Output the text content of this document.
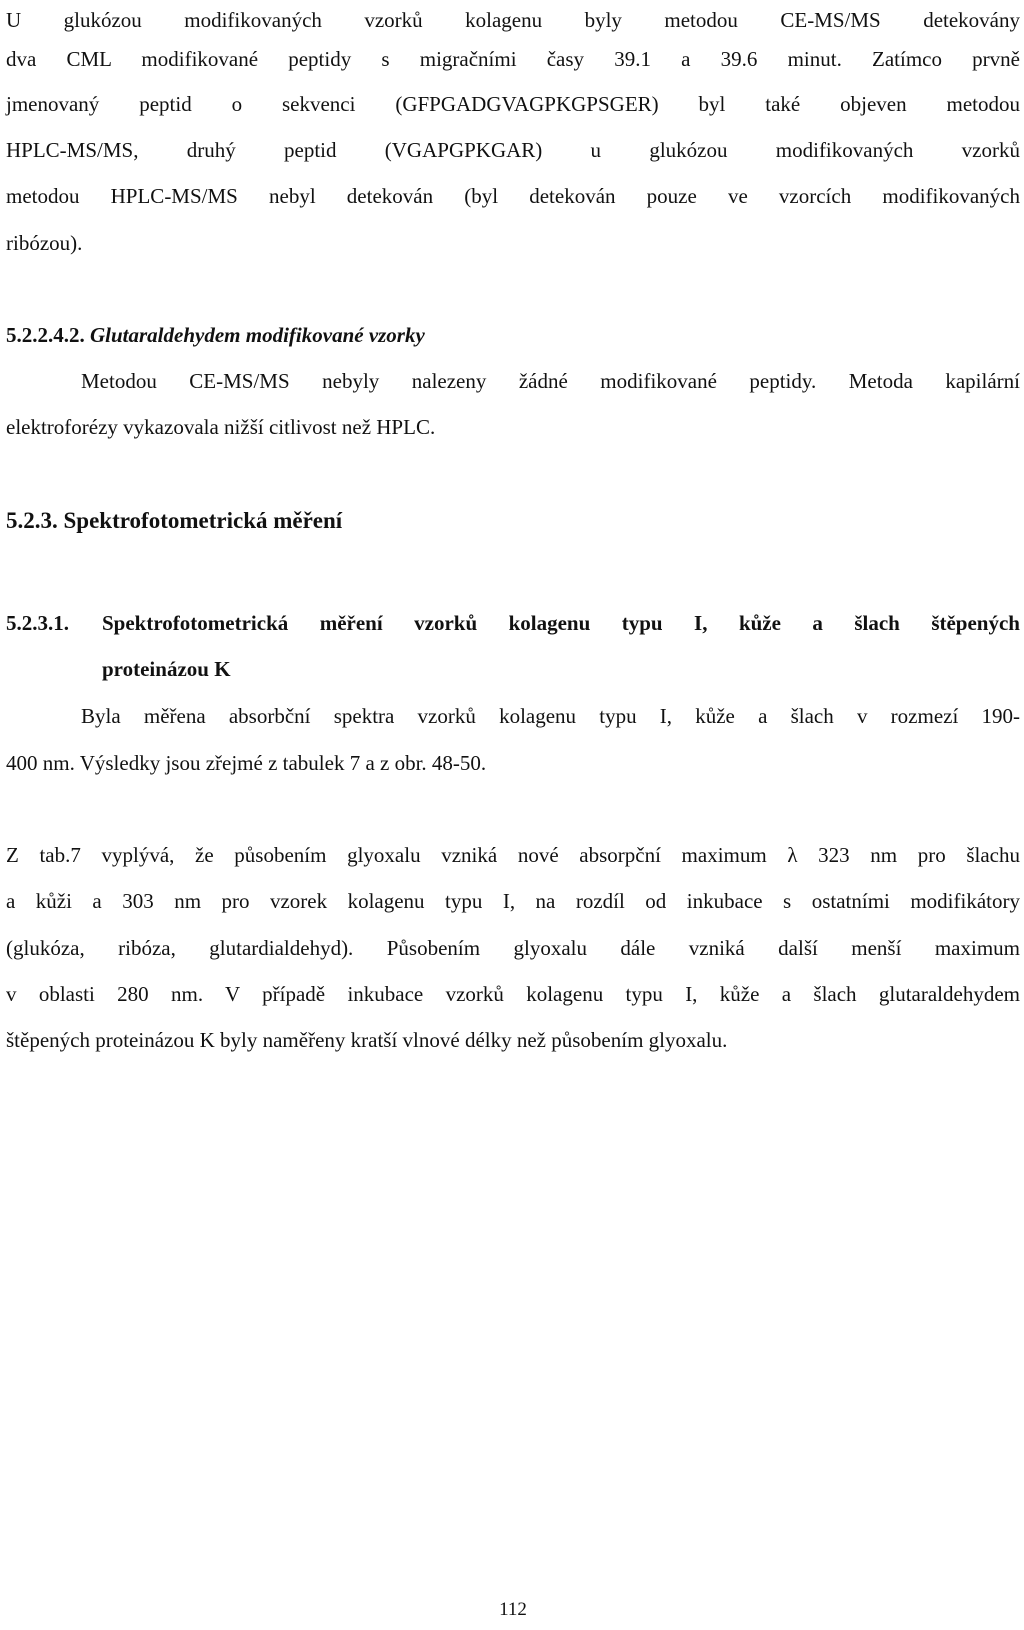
U glukózou modifikovaných vzorků kolagenu byly metodou CE-MS/MS detekovány
dva CML modifikované peptidy s migračními časy 39.1 a 39.6 minut. Zatímco prvně
jmenovaný peptid o sekvenci (GFPGADGVAGPKGPSGER) byl také objeven metodou
HPLC-MS/MS, druhý peptid (VGAPGPKGAR) u glukózou modifikovaných vzorků
metodou HPLC-MS/MS nebyl detekován (byl detekován pouze ve vzorcích modifikovaných
ribózou).
5.2.2.4.2. Glutaraldehydem modifikované vzorky
Metodou CE-MS/MS nebyly nalezeny žádné modifikované peptidy. Metoda kapilární
elektroforézy vykazovala nižší citlivost než HPLC.
5.2.3. Spektrofotometrická měření
5.2.3.1. Spektrofotometrická měření vzorků kolagenu typu I, kůže a šlach štěpených
proteinázou K
Byla měřena absorbční spektra vzorků kolagenu typu I, kůže a šlach v rozmezí 190-
400 nm. Výsledky jsou zřejmé z tabulek 7 a z obr. 48-50.
Z tab.7 vyplývá, že působením glyoxalu vzniká nové absorpční maximum λ 323 nm pro šlachu
a kůži a 303 nm pro vzorek kolagenu typu I, na rozdíl od inkubace s ostatními modifikátory
(glukóza, ribóza, glutardialdehyd). Působením glyoxalu dále vzniká další menší maximum
v oblasti 280 nm. V případě inkubace vzorků kolagenu typu I, kůže a šlach glutaraldehydem
štěpených proteinázou K byly naměřeny kratší vlnové délky než působením glyoxalu.
112
